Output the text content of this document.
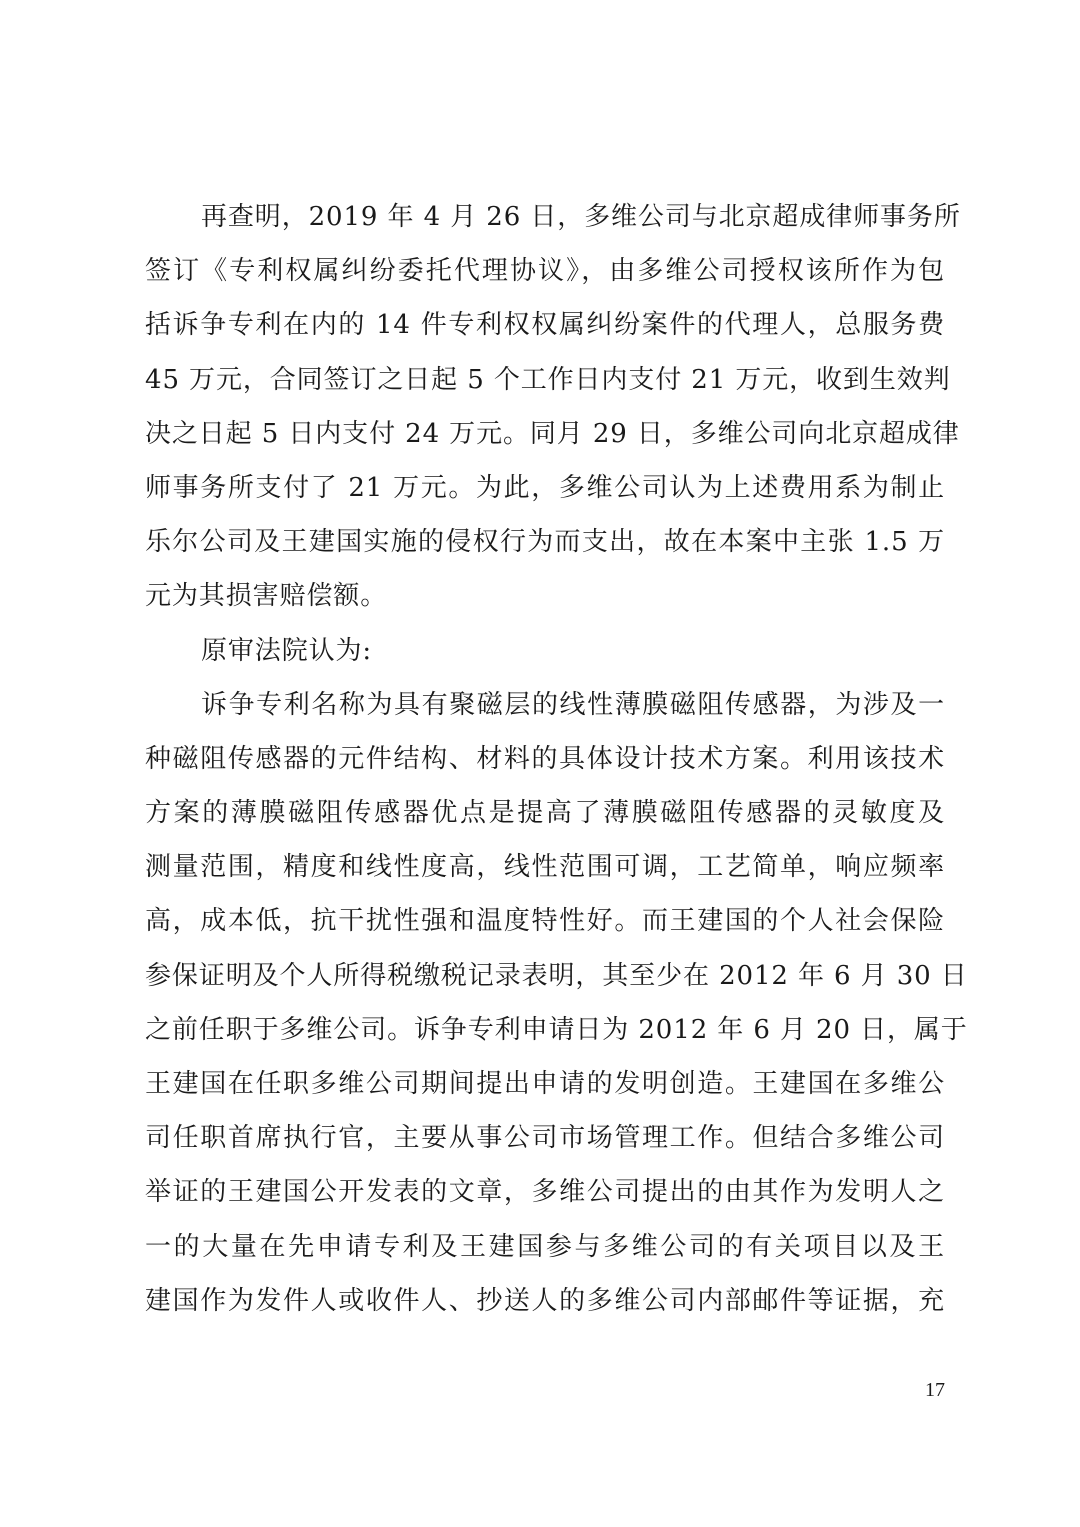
再查明，2019 年 4 月 26 日，多维公司与北京超成律师事务所
签订《专利权属纠纷委托代理协议》，由多维公司授权该所作为包
括诉争专利在内的 14 件专利权权属纠纷案件的代理人，总服务费
45 万元，合同签订之日起 5 个工作日内支付 21 万元，收到生效判
决之日起 5 日内支付 24 万元。同月 29 日，多维公司向北京超成律
师事务所支付了 21 万元。为此，多维公司认为上述费用系为制止
乐尔公司及王建国实施的侵权行为而支出，故在本案中主张 1.5 万
元为其损害赔偿额。
原审法院认为:
诉争专利名称为具有聚磁层的线性薄膜磁阻传感器，为涉及一
种磁阻传感器的元件结构、材料的具体设计技术方案。利用该技术
方案的薄膜磁阻传感器优点是提高了薄膜磁阻传感器的灵敏度及
测量范围，精度和线性度高，线性范围可调，工艺简单，响应频率
高，成本低，抗干扰性强和温度特性好。而王建国的个人社会保险
参保证明及个人所得税缴税记录表明，其至少在 2012 年 6 月 30 日
之前任职于多维公司。诉争专利申请日为 2012 年 6 月 20 日，属于
王建国在任职多维公司期间提出申请的发明创造。王建国在多维公
司任职首席执行官，主要从事公司市场管理工作。但结合多维公司
举证的王建国公开发表的文章，多维公司提出的由其作为发明人之
一的大量在先申请专利及王建国参与多维公司的有关项目以及王
建国作为发件人或收件人、抄送人的多维公司内部邮件等证据，充
17
